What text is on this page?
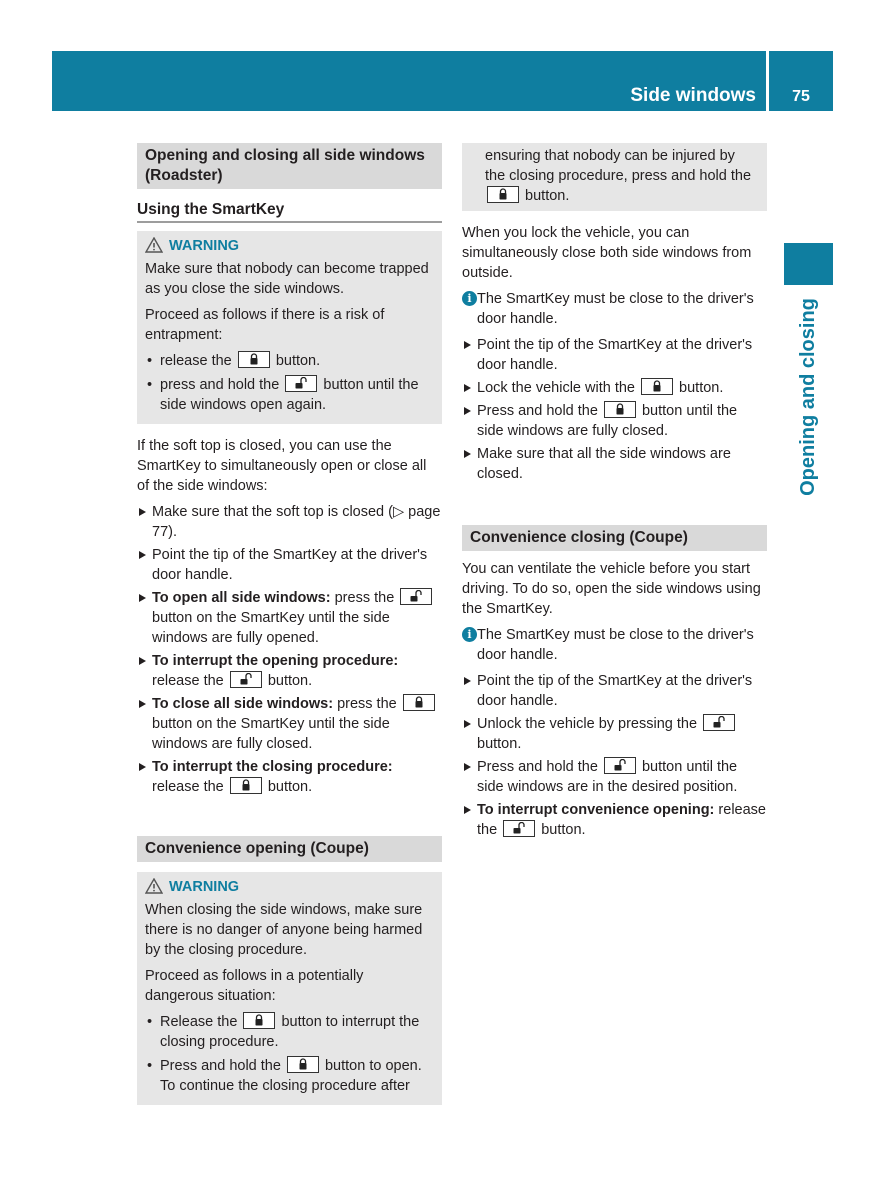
Side windows	75
Opening and closing
Opening and closing all side windows (Roadster)
Using the SmartKey
WARNING
Make sure that nobody can become trapped as you close the side windows.
Proceed as follows if there is a risk of entrapment:
• release the	button.
• press and hold the	button until the side windows open again.
If the soft top is closed, you can use the SmartKey to simultaneously open or close all of the side windows:
Make sure that the soft top is closed (▷ page 77).
Point the tip of the SmartKey at the driver's door handle.
To open all side windows: press the
button on the SmartKey until the side windows are fully opened.
To interrupt the opening procedure: release the	button.
To close all side windows: press the
button on the SmartKey until the side windows are fully closed.
To interrupt the closing procedure: release the	button.
Convenience opening (Coupe)
WARNING
When closing the side windows, make sure there is no danger of anyone being harmed by the closing procedure.
Proceed as follows in a potentially dangerous situation:
• Release the	button to interrupt the closing procedure.
• Press and hold the	button to open. To continue the closing procedure after
ensuring that nobody can be injured by the closing procedure, press and hold the
button.
When you lock the vehicle, you can simultaneously close both side windows from outside.
i The SmartKey must be close to the driver's door handle.
Point the tip of the SmartKey at the driver's door handle.
Lock the vehicle with the	button.
Press and hold the	button until the side windows are fully closed.
Make sure that all the side windows are closed.
Convenience closing (Coupe)
You can ventilate the vehicle before you start driving. To do so, open the side windows using the SmartKey.
i The SmartKey must be close to the driver's door handle.
Point the tip of the SmartKey at the driver's door handle.
Unlock the vehicle by pressing the
button.
Press and hold the	button until the side windows are in the desired position.
To interrupt convenience opening: release the	button.
